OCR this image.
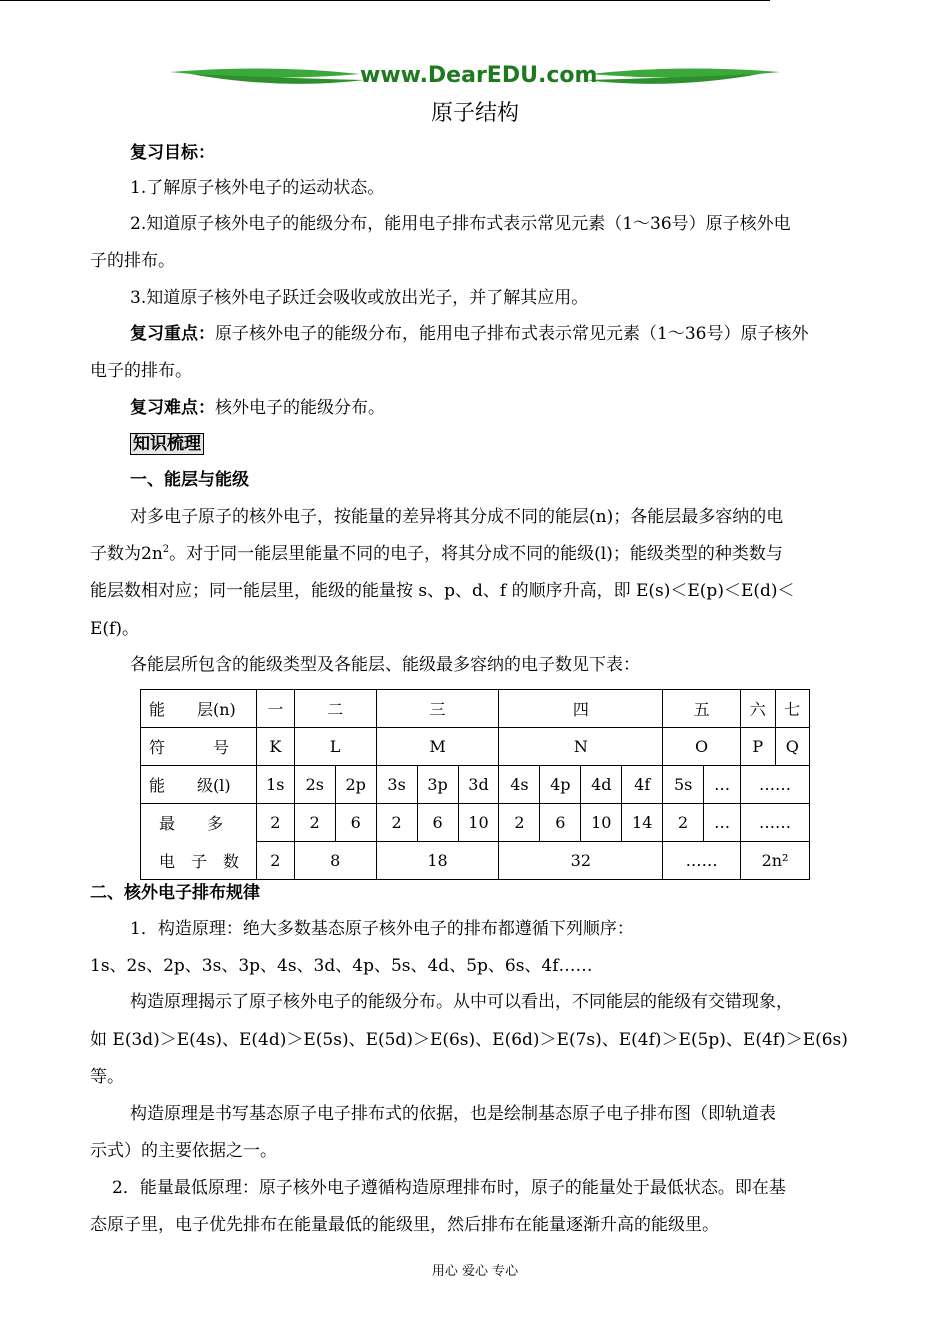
www.DearEDU.com
原子结构
复习目标：
1.了解原子核外电子的运动状态。
2.知道原子核外电子的能级分布，能用电子排布式表示常见元素（1～36号）原子核外电
子的排布。
3.知道原子核外电子跃迁会吸收或放出光子，并了解其应用。
复习重点：原子核外电子的能级分布，能用电子排布式表示常见元素（1～36号）原子核外
电子的排布。
复习难点：核外电子的能级分布。
知识梳理
一、能层与能级
对多电子原子的核外电子，按能量的差异将其分成不同的能层(n)；各能层最多容纳的电
子数为$2n^2$。对于同一能层里能量不同的电子，将其分成不同的能级(l)；能级类型的种类数与
能层数相对应；同一能层里，能级的能量按 s、p、d、f 的顺序升高，即 E(s)＜E(p)＜E(d)＜
E(f)。
各能层所包含的能级类型及各能层、能级最多容纳的电子数见下表：
能　　层(n)	一	二		三			四				五		六 七

符　　　号	K	L		M			N				O		P Q

能　　级(l)	1s	2s	2p	3s	3p	3d	4s	4p	4d	4f	5s	…	……
最　　多	2	2	6	2	6	10	2	6	10	14	2	…	……
电　子　数	2	8		18			32				……		2n²
二、核外电子排布规律
1．构造原理：绝大多数基态原子核外电子的排布都遵循下列顺序：
1s、2s、2p、3s、3p、4s、3d、4p、5s、4d、5p、6s、4f……
构造原理揭示了原子核外电子的能级分布。从中可以看出，不同能层的能级有交错现象，
如 E(3d)＞E(4s)、E(4d)＞E(5s)、E(5d)＞E(6s)、E(6d)＞E(7s)、E(4f)＞E(5p)、E(4f)＞E(6s)
等。
构造原理是书写基态原子电子排布式的依据，也是绘制基态原子电子排布图（即轨道表
示式）的主要依据之一。
2．能量最低原理：原子核外电子遵循构造原理排布时，原子的能量处于最低状态。即在基
态原子里，电子优先排布在能量最低的能级里，然后排布在能量逐渐升高的能级里。
用心 爱心 专心
